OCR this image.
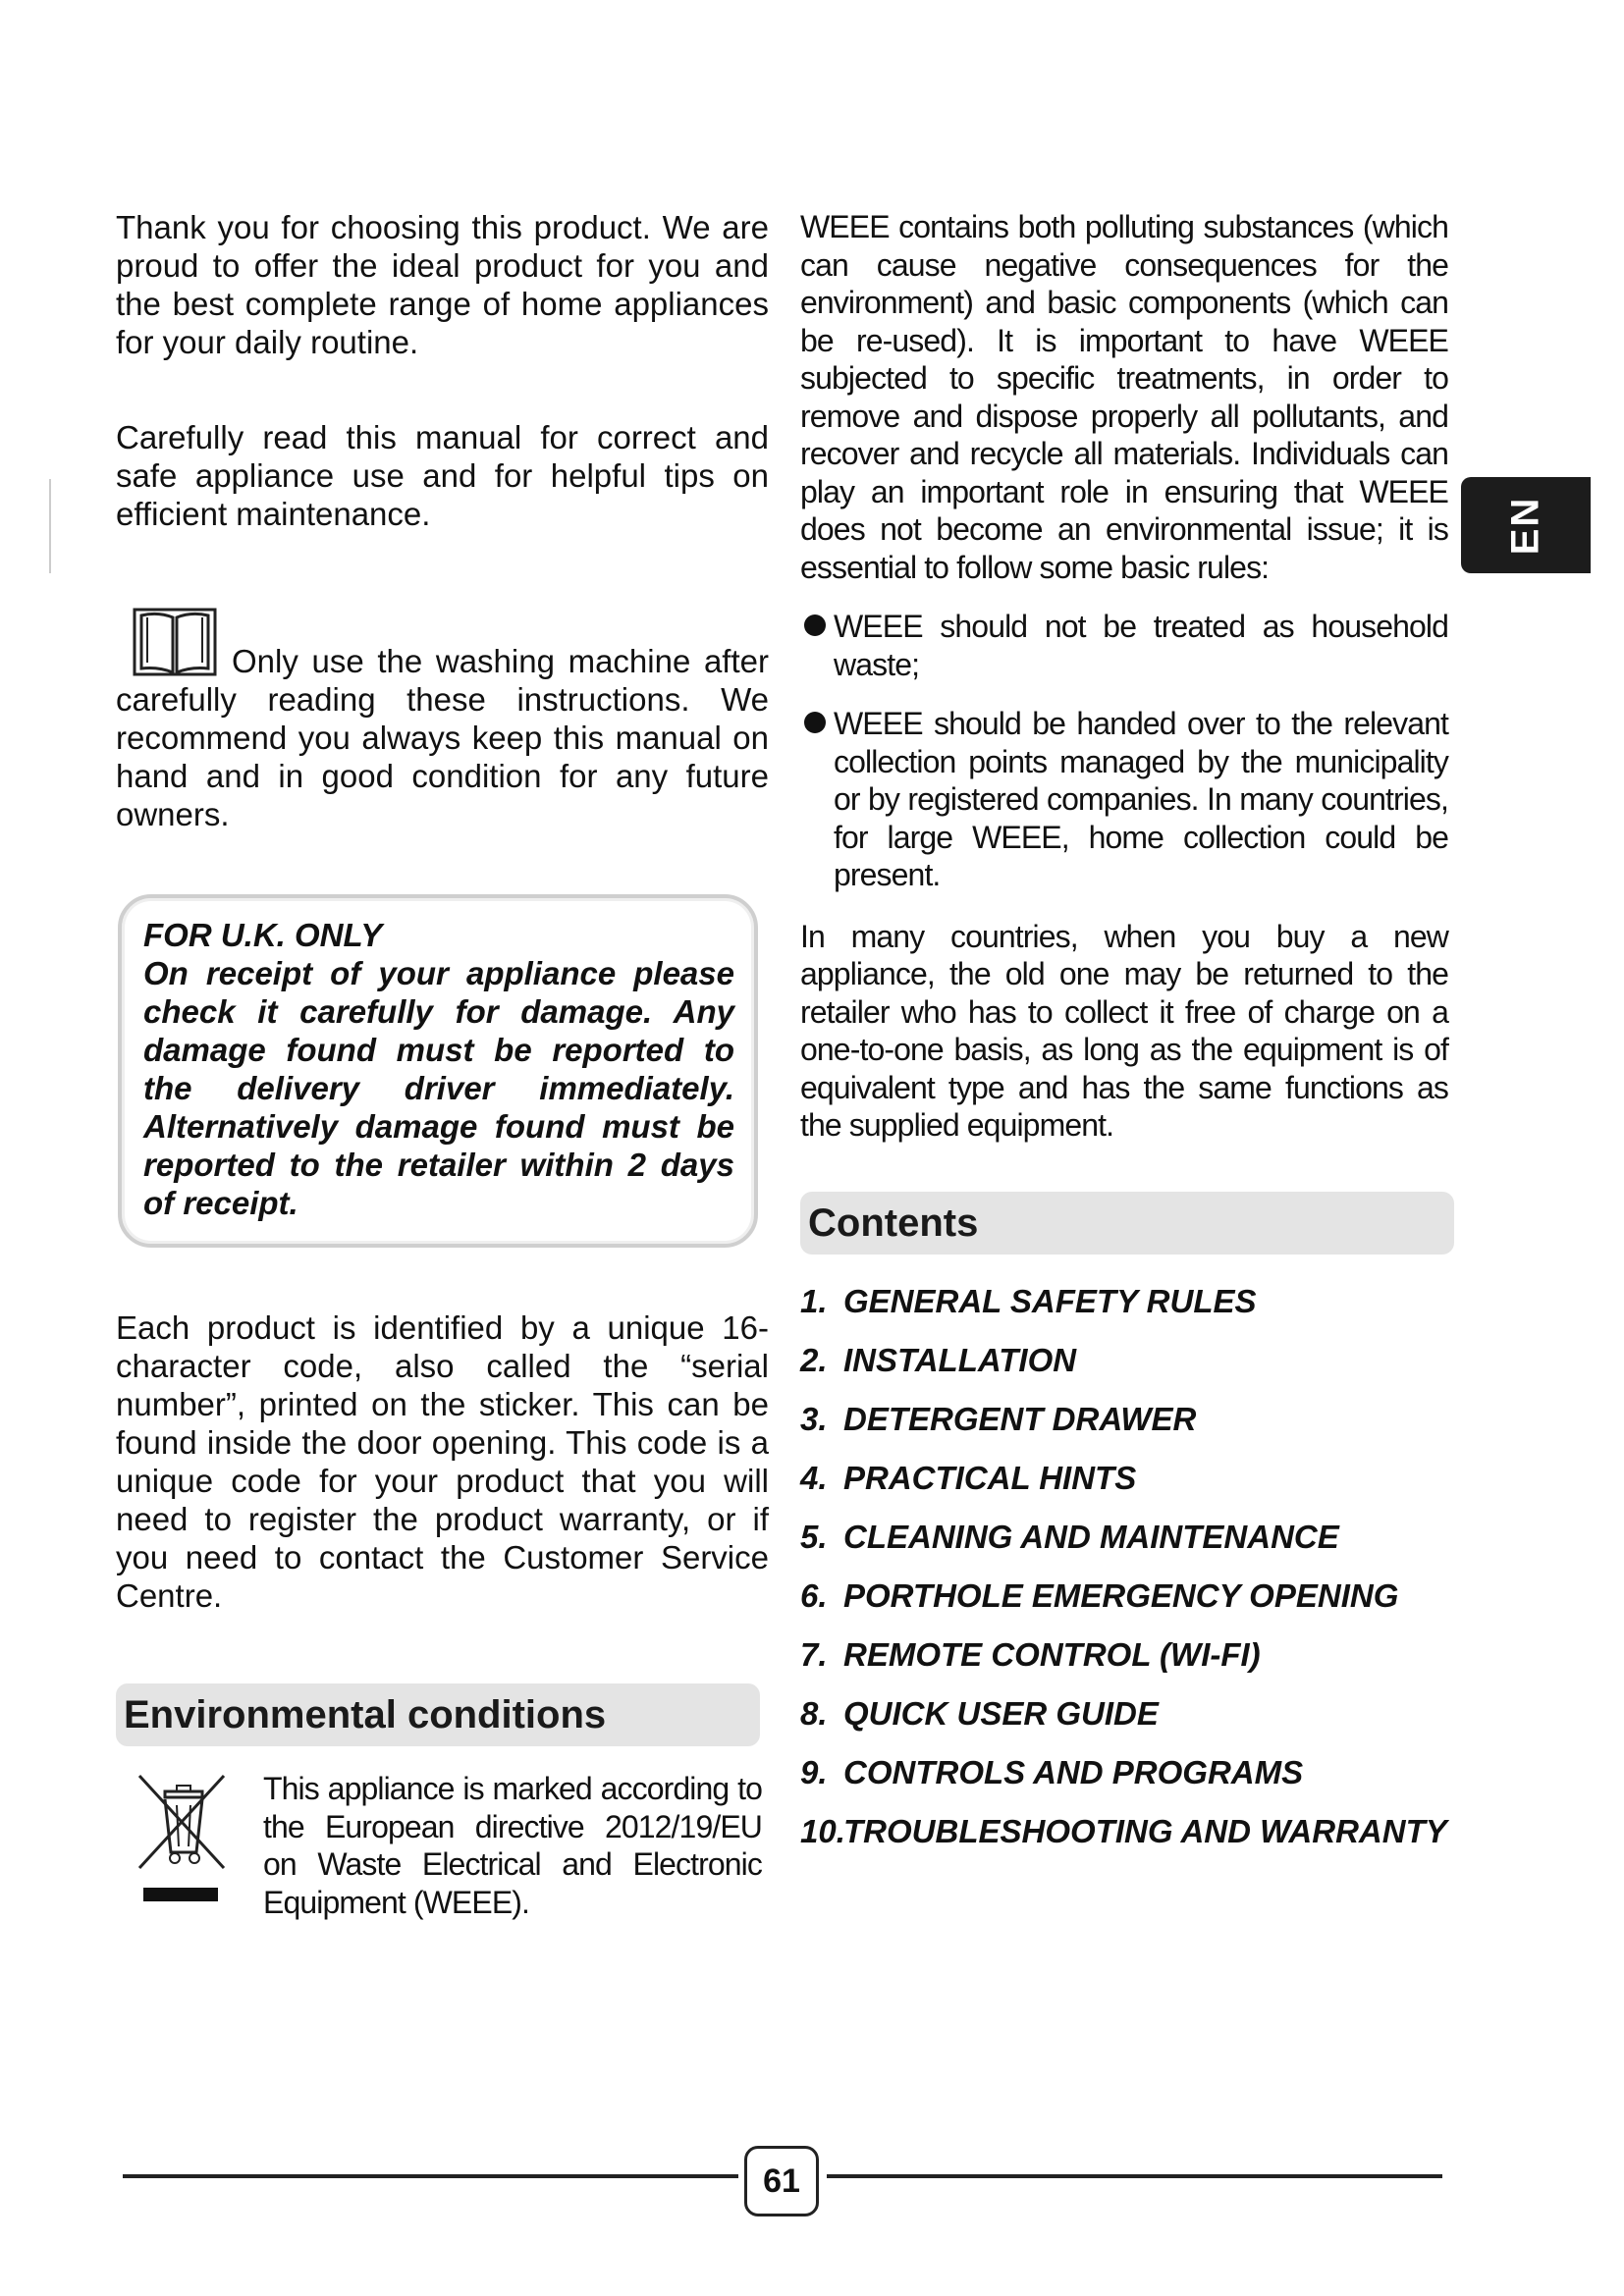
Thank you for choosing this product. We are proud to offer the ideal product for you and the best complete range of home appliances for your daily routine.

Carefully read this manual for correct and safe appliance use and for helpful tips on efficient maintenance.

Only use the washing machine after carefully reading these instructions. We recommend you always keep this manual on hand and in good condition for any future owners.

FOR U.K. ONLY

On receipt of your appliance please check it carefully for damage. Any damage found must be reported to the delivery driver immediately. Alternatively damage found must be reported to the retailer within 2 days of receipt.

Each product is identified by a unique 16-character code, also called the “serial number”, printed on the sticker. This can be found inside the door opening. This code is a unique code for your product that you will need to register the product warranty, or if you need to contact the Customer Service Centre.

Environmental conditions

This appliance is marked according to the European directive 2012/19/EU on Waste Electrical and Electronic Equipment (WEEE).

WEEE contains both polluting substances (which can cause negative consequences for the environment) and basic components (which can be re-used). It is important to have WEEE subjected to specific treatments, in order to remove and dispose properly all pollutants, and recover and recycle all materials. Individuals can play an important role in ensuring that WEEE does not become an environmental issue; it is essential to follow some basic rules:

WEEE should not be treated as household waste;
WEEE should be handed over to the relevant collection points managed by the municipality or by registered companies. In many countries, for large WEEE, home collection could be present.

In many countries, when you buy a new appliance, the old one may be returned to the retailer who has to collect it free of charge on a one-to-one basis, as long as the equipment is of equivalent type and has the same functions as the supplied equipment.

Contents
1. GENERAL SAFETY RULES
2. INSTALLATION
3. DETERGENT DRAWER
4. PRACTICAL HINTS
5. CLEANING AND MAINTENANCE
6. PORTHOLE EMERGENCY OPENING
7. REMOTE CONTROL (WI-FI)
8. QUICK USER GUIDE
9. CONTROLS AND PROGRAMS
10.
TROUBLESHOOTING AND WARRANTY
EN
61
